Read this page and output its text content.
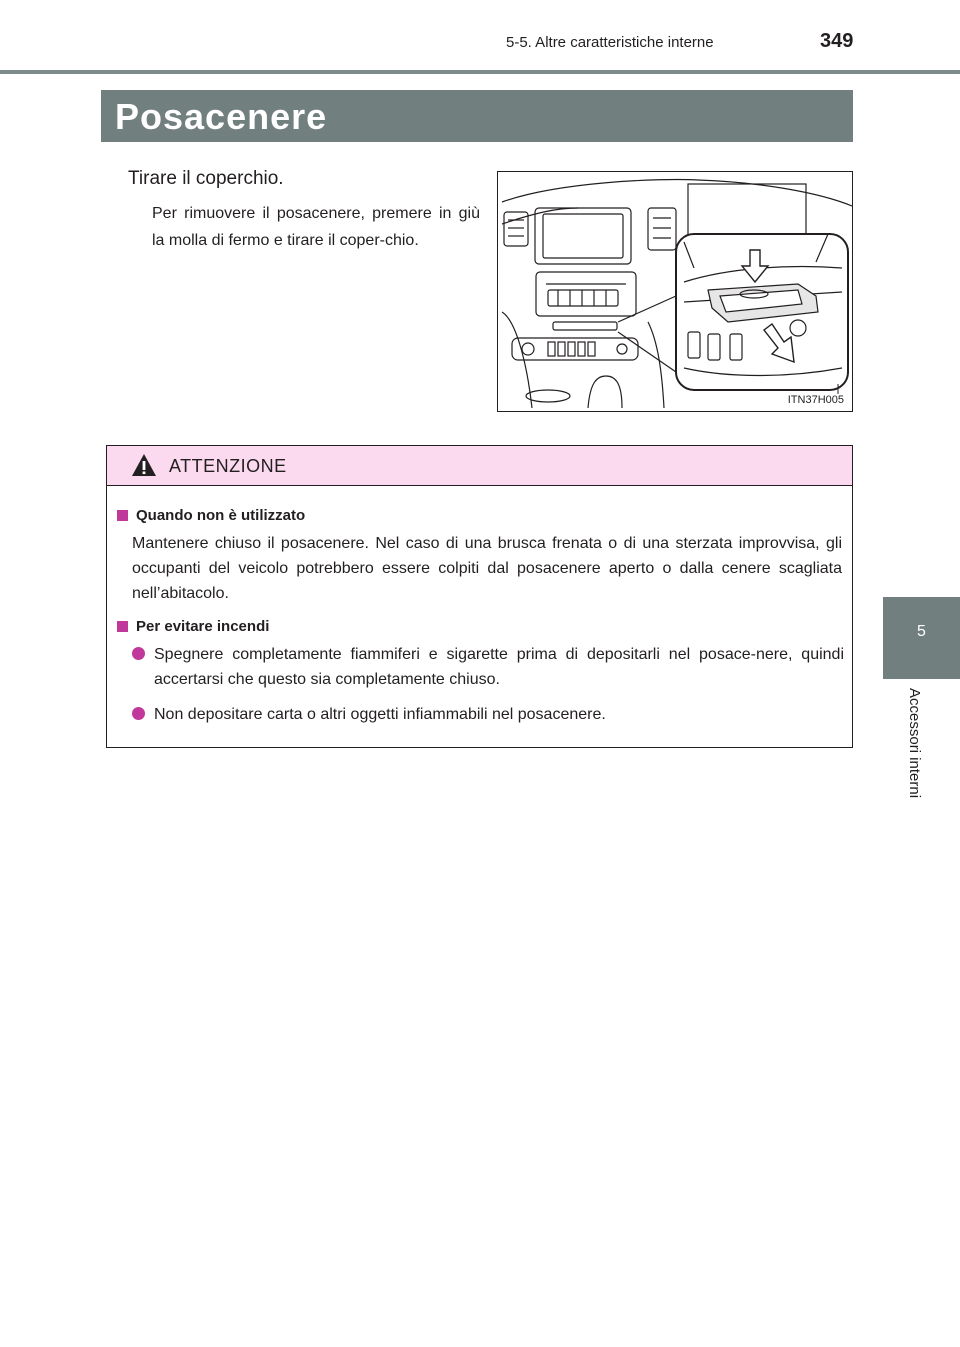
5-5. Altre caratteristiche interne	349
Posacenere
Tirare il coperchio.
Per rimuovere il posacenere, premere in giù la molla di fermo e tirare il coper-chio.
ITN37H005
5
Accessori interni
ATTENZIONE
Quando non è utilizzato
Mantenere chiuso il posacenere. Nel caso di una brusca frenata o di una sterzata improvvisa, gli occupanti del veicolo potrebbero essere colpiti dal posacenere aperto o dalla cenere scagliata nell’abitacolo.
Per evitare incendi
Spegnere completamente fiammiferi e sigarette prima di depositarli nel posace-nere, quindi accertarsi che questo sia completamente chiuso.
Non depositare carta o altri oggetti infiammabili nel posacenere.
